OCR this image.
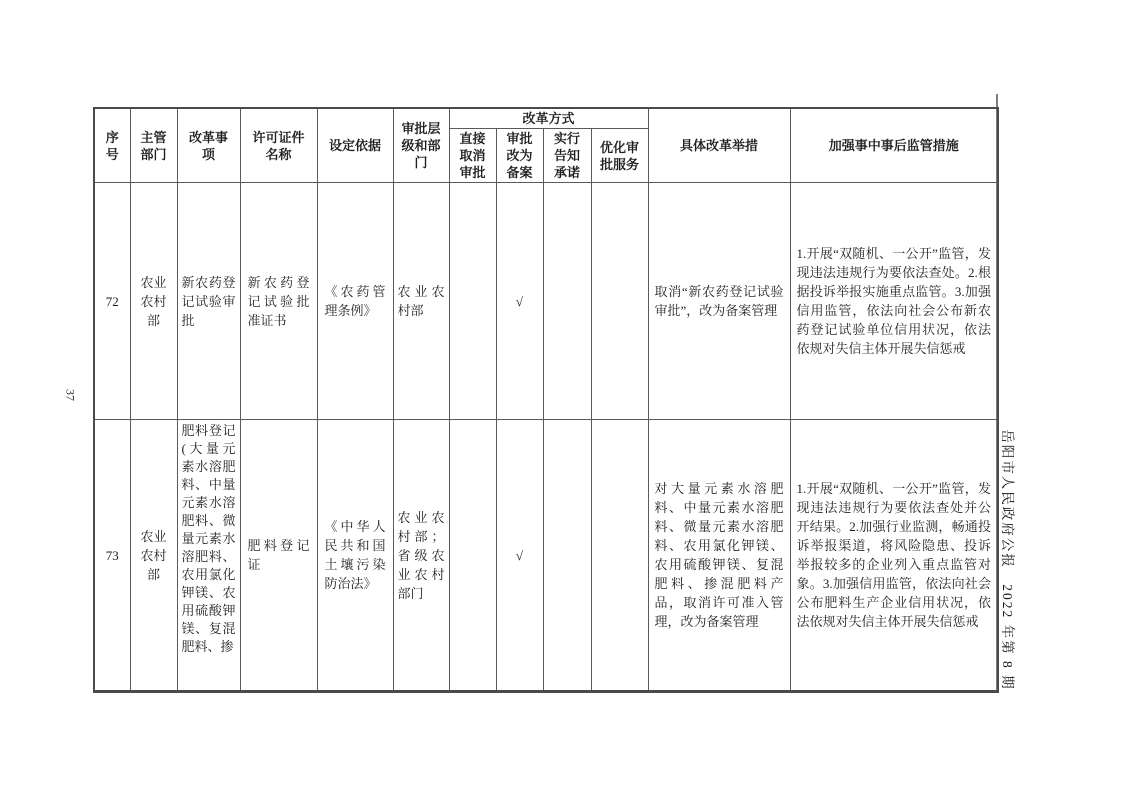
37
岳阳市人民政府公报　2022 年第 8 期
序号	主管部门	改革事项	许可证件名称	设定依据	审批层级和部门	改革方式				具体改革举措	加强事中事后监管措施
						直接取消审批	审批改为备案	实行告知承诺	优化审批服务		
72	农业农村部	新农药登记试验审批	新农药登记试验批准证书	《农药管理条例》	农业农村部		√			取消“新农药登记试验审批”，改为备案管理	1.开展“双随机、一公开”监管，发现违法违规行为要依法查处。2.根据投诉举报实施重点监管。3.加强信用监管，依法向社会公布新农药登记试验单位信用状况，依法依规对失信主体开展失信惩戒
73	农业农村部	肥料登记(大量元素水溶肥料、中量元素水溶肥料、微量元素水溶肥料、农用氯化钾镁、农用硫酸钾镁、复混肥料、掺	肥料登记证	《中华人民共和国土壤污染防治法》	农业农村部；省级农业农村部门		√			对大量元素水溶肥料、中量元素水溶肥料、微量元素水溶肥料、农用氯化钾镁、农用硫酸钾镁、复混肥料、掺混肥料产品，取消许可准入管理，改为备案管理	1.开展“双随机、一公开”监管，发现违法违规行为要依法查处并公开结果。2.加强行业监测，畅通投诉举报渠道，将风险隐患、投诉举报较多的企业列入重点监管对象。3.加强信用监管，依法向社会公布肥料生产企业信用状况，依法依规对失信主体开展失信惩戒
